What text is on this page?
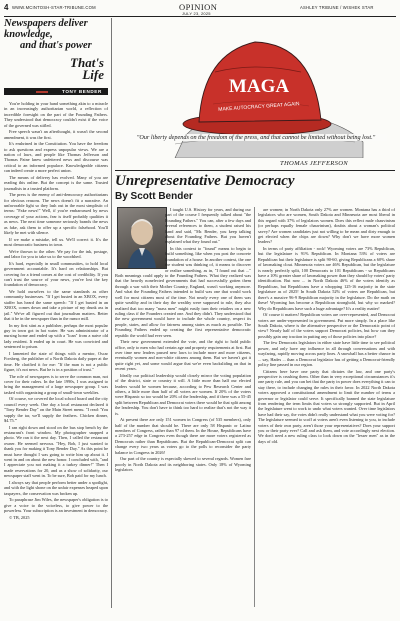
4 WWW.MCINTOSH-STAR-TRIBUNE.COM	OPINION	ASHLEY TRIBUNE / WISHEK STAR
JULY 23, 2025
Newspapers deliver knowledge,
and that's power
That's
Life
TONY BENDER

You're holding in your hand something akin to a miracle in an increasingly authoritarian world, a reflection of incredible foresight on the part of the Founding Fathers. They understood that democracy couldn't exist if the voice of the governed was stifled.

Free speech wasn't an afterthought, it wasn't the second amendment, it was the first.

It's enshrined in the Constitution. You have the freedom to ask questions and express unpopular views. We are a nation of laws, and people like Thomas Jefferson and Thomas Paine knew unfettered news and discourse was critical to an informed populace. Knowledgeable citizens can indeed create a more perfect union.

The means of delivery has evolved. Many of you are reading this online. But the concept is the same. Trusted journalists in a trusted platform.

The press is the enemy of anti-democracy authoritarians for obvious reasons. The news doesn't fit a narrative. An unfavorable light so they lash out in the most simplistic of terms: "Fake news!" Well, if you're embarrassed by news coverage of your actions, fear is itself probably qualities it as news. The next time someone seriously brands the news as fake, ask them to offer up a specific falsehood. You'll likely be met with silence.

If we make a mistake, tell us. We'll correct it. It's the most democratic business in town.

We're thrown to the other. We pay for the ink, postage, and labor for you to take us to the woodshed.

It's hard, especially in small communities, to hold local government accountable. It's hard on relationships. But covering for a friend comes at the cost of credibility. If you can't trust the source of your news, you've lost the key foundation of democracy.

We hold ourselves to the same standards as other community businesses. "If I get busted in an XBOX, every staffer has heard the same speech: "If I get busted in an XBOX, comes down and take a picture of my drunk ass in jail." We've all figured out that journalism matters. Better that it be in the newspaper than in the rumor mill.

In my first stint as a publisher, perhaps the most popular guy in town got in hot water. He was administrator of a nursing home and ended up with a "loan" from a naive old lady resident. It ended up in court. He was convicted and sentenced to prison.

I lamented the state of things with a mentor, Oscar Forsberg, the publisher of a North Dakota daily paper at the time. He clarified it for me: "If the man is not a public figure, it's not news. But he is in a position of trust."

The role of newspapers is to serve the common man, not cover for their rulers. In the late 1990s, I was assigned to bring the management of a large newspaper group. I was tasked with organizing a group of small-town weeklies.

Of course, we covered the local school board and the city council every week. One day a local restaurant declared it "Tony Bender Day" on the Main Street menu. "I read: 'You supply the tar, we'll supply the feathers. Chicken dinner, $4.75.'"

I ran right down and stood on the bus stop bench by the restaurant's front window. My photographer snapped a photo. We ran it the next day. Then, I called the restaurant owner. He seemed nervous. "Hey, Bob, I just wanted to thank you for making it Tony Bender Day." As this point he must have thought I was going to write him up about it. I went in and on about the new honor. I concluded with, "and I appreciate you not making it a turkey dinner!" Then I made reservations for 20, and as a show of solidarity, our newspaper staff went in. To be sure, Bob paid for my lunch.

I always say that people perform better under a spotlight, and with the light shone on the unfair expenses heaped upon taxpayers, the conservation was broken up.

To paraphrase Jim Wiles, the newspaper's obligation is to give a voice to the voiceless, to give power to the powerless. Your subscription is an investment in democracy.

© TB, 2025

MAGA
MAKE AUTOCRACY GREAT AGAIN
"Our liberty depends on the freedom of the press, and that cannot be limited without being lost."
THOMAS JEFFERSON
Unrepresentative Democracy
By Scott Bender

I taught U.S. History for years, and during our part of the course I frequently talked about "the Founding Fathers." You can, after a few days and several references to them, a student raised his hand and said, "Mr. Bender, you keep talking about the Founding Fathers. But you haven't explained what they found out."

In this context to "found" means to begin to build something, like when you post the concrete foundation of a house. In another context, the one the student was thinking of, it means to discover or realize something, as in, "I found out that ..." Both meanings could apply to the Founding Fathers. What they realized was that the heavily nonelected governments that had successfully gotten them through a war with their Mother Country, England, wasn't working anymore. And what the Founding Fathers intended to build was one that would work well for most citizens most of the time. Not nearly every one of them was quite wealthy and in their day the wealthy were supposed to rule, they also realized that too many "mass men" might easily turn their retailers on a new ruling class if the Founders created one. And they didn't. They understood that the new government would have to include the whole country, respect its people, states, and allow for fairness among states as much as possible. The Founding Fathers ended up creating the first representative democratic republic the world had ever seen.

Their new government extended the vote, and the right to hold public office, only to men who had certain age and property requirements at first. But over time new leaders passed new laws to include more and more citizens, eventually women and non-white citizens among them. But we haven't got it quite right yet, and some would argue that we're even backsliding on that in recent years.

Ideally our political leadership would closely mirror the voting population of the district, state or country it will. A little more than half our elected leaders would be women because, according to Pew Research Center and others, a little more than half of all voters are women. If 20% of the voters were Hispanic so too would be 20% of the leadership, and if there was a 55-45 split between Republican and Democrat voters there would be that split among the leadership. You don't have to think too hard to realize that's not the way it is.

At present there are only 151 women in Congress (of 535 members), only half of the number that should be. There are only 58 Hispanic or Latino members of Congress, rather than 97 of them. In the House, Republicans have a 273-257 edge in Congress even though there are more voters registered as Democrats rather than Republicans. But the Republican-Democrat split can change every two years as voters go to the polls to reconsider the party balance in Congress in 2026!

Our part of the country is especially skewed to several regards. Women fare poorly in North Dakota and its neighboring states. Only 18% of Wyoming legislators

are women; in North Dakota only 27% are women. Montana has a third of legislators who are women, South Dakota and Minnesota are most liberal in this regard with 37% of legislators women. Does this reflect male chauvinism (or perhaps equally female chauvinism), doubts about a woman's political savvy? Are women candidates just not willing to be mean and dirty enough to get elected when the chips are down? Why don't we have more women leaders?

In terms of party affiliation - rock! Wyoming voters are 73% Republican, but the legislature is 91% Republican. In Montana 53% of voters are Republican but their legislature is split 90-60, giving Republicans a 60% share of lawmaking clout. Minnesota voters are 46% Republican, but the legislature is nearly perfectly split, 100 Democrats to 101 Republicans - so Republicans have a 10% greater share of lawmaking power than they should by voters' party identification. But now ... in North Dakota 46% of the voters identify as Republican, but Republicans have a whopping 125-16 majority in the state legislature as of 2025! In South Dakota 52% of voters are Republican, but there's a massive 96-9 Republican majority in the legislature. Do the math on these! Wyoming has become a Republican stronghold, but why so marked? Why do Republicans have such a huge advantage? It's a reality matter!

Of course it matters! Republican voters are over-represented, and Democrat voters are under-represented in government. Put more simply. In a place like South Dakota, where is the alternative perspective or the Democratic point of view? Nearly half of the voters support Democrat policies, but how can they possibly gain any traction in putting any of those policies into place?

The few Democrats legislators in either state have little time to see political power, and only have any influence in all through conversations and with wayfaring, rapidly moving across party lines. A snowball has a better chance in ... say, Hades ... than a Democrat legislator has of getting a Democrat-friendly policy line passed in our region.

Citizens here have one party that dictates the law, and one party's perspective is crushing them. Other than in very exceptional circumstances it's one party rule, and you can bet that the party in power does everything it can to stay there, to include changing the rules in their favor. In 2022 North Dakota voters approved a constitutional amendment to limit the number of terms a governor or legislator could serve. It specifically banned the state legislature from rendering the term limits that voters so strongly supported. But in April the legislature went to work to undo what voters wanted. Over time legislators have had their say, the votes didn't really understand what you were voting for? The legislature seemed to scoff at voters aren't even listening to you, to include voters of their own party, aren't those your representatives? Does your support you or their party ever? Call and ask them, and vote accordingly next election. We don't need a new ruling class to look down on the "lesser men" as in the days of old.
